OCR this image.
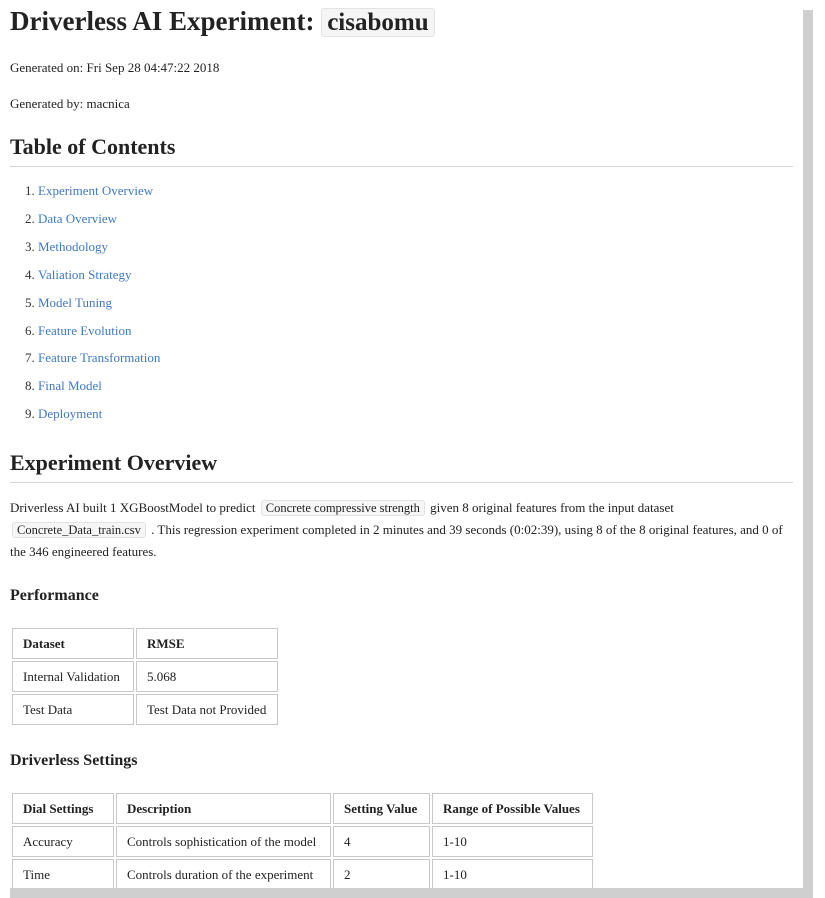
Driverless AI Experiment: cisabomu

Generated on: Fri Sep 28 04:47:22 2018

Generated by: macnica

Table of Contents
1. Experiment Overview
2. Data Overview
3. Methodology
4. Valiation Strategy
5. Model Tuning
6. Feature Evolution
7. Feature Transformation
8. Final Model
9. Deployment
Experiment Overview

Driverless AI built 1 XGBoostModel to predict Concrete compressive strength given 8 original features from the input dataset Concrete_Data_train.csv . This regression experiment completed in 2 minutes and 39 seconds (0:02:39), using 8 of the 8 original features, and 0 of the 346 engineered features.

Performance
Dataset	RMSE
Internal Validation	5.068
Test Data	Test Data not Provided
Driverless Settings
Dial Settings	Description	Setting Value	Range of Possible Values
Accuracy	Controls sophistication of the model	4	1-10
Time	Controls duration of the experiment	2	1-10
